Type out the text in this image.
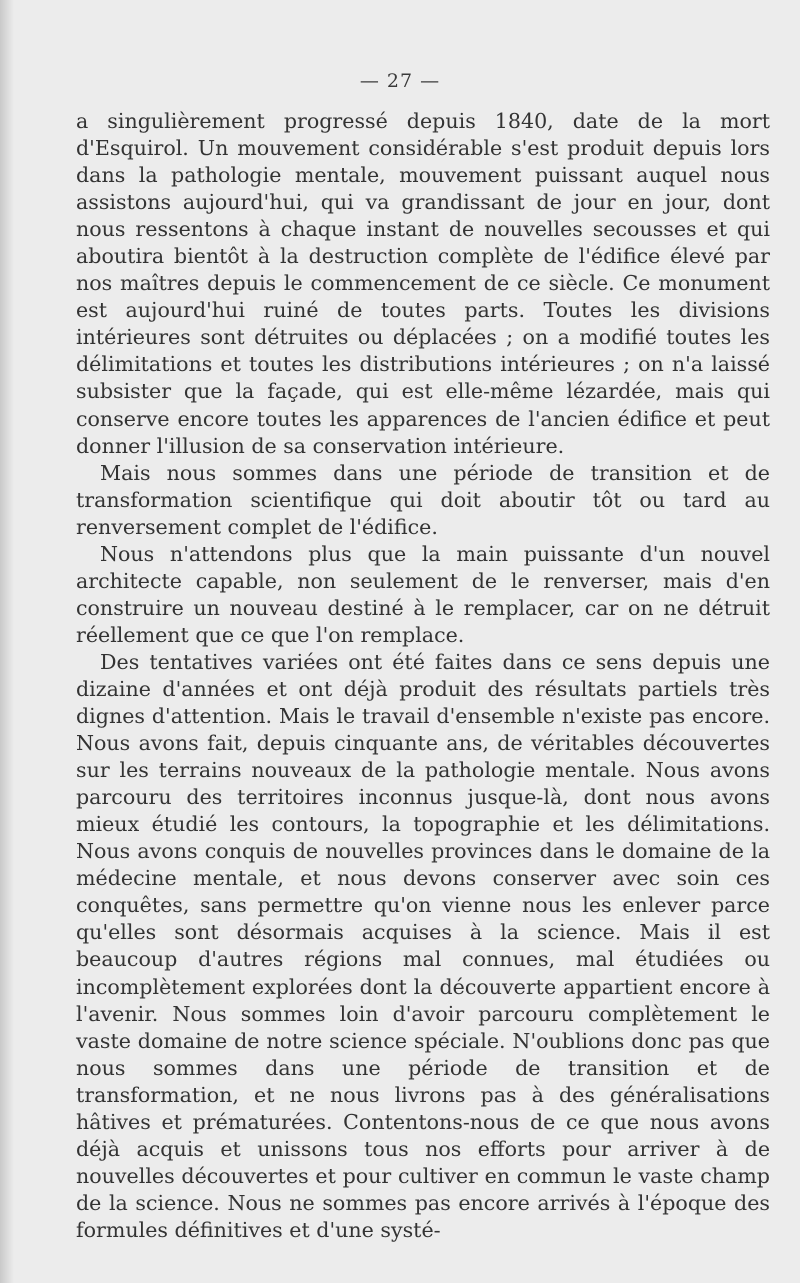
— 27 —

a singulièrement progressé depuis 1840, date de la mort d'Esquirol. Un mouvement considérable s'est produit depuis lors dans la pathologie mentale, mouvement puissant auquel nous assistons aujourd'hui, qui va grandissant de jour en jour, dont nous ressentons à chaque instant de nouvelles secousses et qui aboutira bientôt à la destruction complète de l'édifice élevé par nos maîtres depuis le commencement de ce siècle. Ce monument est aujourd'hui ruiné de toutes parts. Toutes les divisions intérieures sont détruites ou déplacées ; on a modifié toutes les délimitations et toutes les distributions intérieures ; on n'a laissé subsister que la façade, qui est elle-même lézardée, mais qui conserve encore toutes les apparences de l'ancien édifice et peut donner l'illusion de sa conservation intérieure.

Mais nous sommes dans une période de transition et de transformation scientifique qui doit aboutir tôt ou tard au renversement complet de l'édifice.

Nous n'attendons plus que la main puissante d'un nouvel architecte capable, non seulement de le renverser, mais d'en construire un nouveau destiné à le remplacer, car on ne détruit réellement que ce que l'on remplace.

Des tentatives variées ont été faites dans ce sens depuis une dizaine d'années et ont déjà produit des résultats partiels très dignes d'attention. Mais le travail d'ensemble n'existe pas encore. Nous avons fait, depuis cinquante ans, de véritables découvertes sur les terrains nouveaux de la pathologie mentale. Nous avons parcouru des territoires inconnus jusque-là, dont nous avons mieux étudié les contours, la topographie et les délimitations. Nous avons conquis de nouvelles provinces dans le domaine de la médecine mentale, et nous devons conserver avec soin ces conquêtes, sans permettre qu'on vienne nous les enlever parce qu'elles sont désormais acquises à la science. Mais il est beaucoup d'autres régions mal connues, mal étudiées ou incomplètement explorées dont la découverte appartient encore à l'avenir. Nous sommes loin d'avoir parcouru complètement le vaste domaine de notre science spéciale. N'oublions donc pas que nous sommes dans une période de transition et de transformation, et ne nous livrons pas à des généralisations hâtives et prématurées. Contentons-nous de ce que nous avons déjà acquis et unissons tous nos efforts pour arriver à de nouvelles découvertes et pour cultiver en commun le vaste champ de la science. Nous ne sommes pas encore arrivés à l'époque des formules définitives et d'une systé-
